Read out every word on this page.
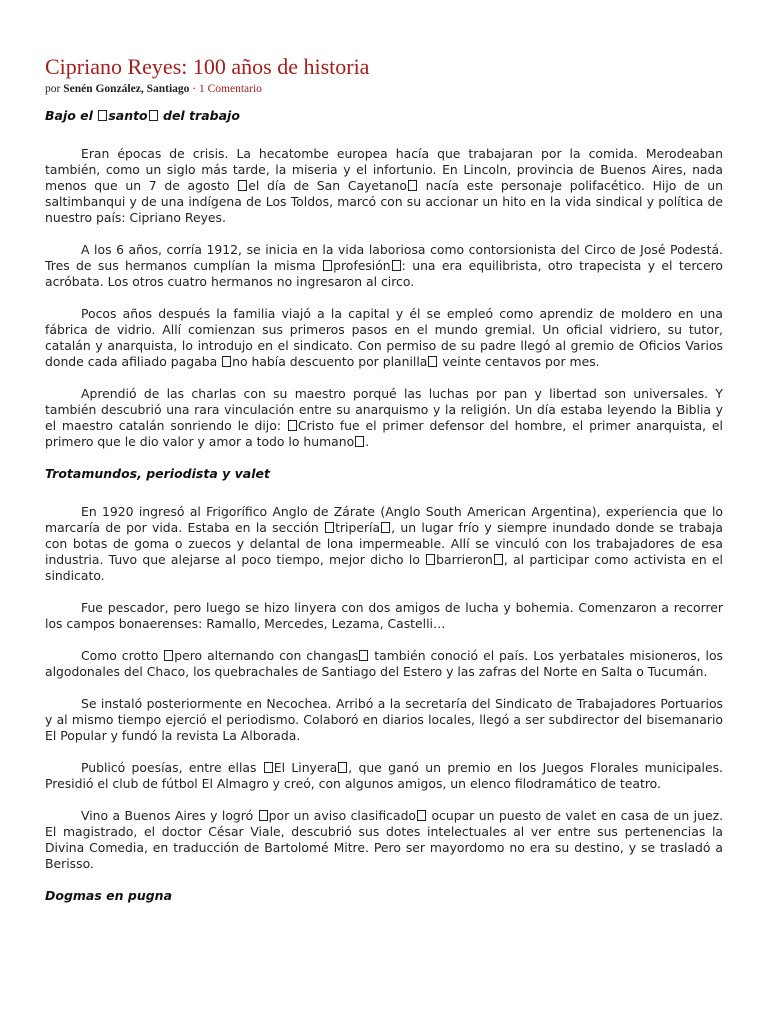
Cipriano Reyes: 100 años de historia
por Senén González, Santiago · 1 Comentario
Bajo el santo del trabajo

Eran épocas de crisis. La hecatombe europea hacía que trabajaran por la comida. Merodeaban también, como un siglo más tarde, la miseria y el infortunio. En Lincoln, provincia de Buenos Aires, nada menos que un 7 de agosto el día de San Cayetano nacía este personaje polifacético. Hijo de un saltimbanqui y de una indígena de Los Toldos, marcó con su accionar un hito en la vida sindical y política de nuestro país: Cipriano Reyes.

A los 6 años, corría 1912, se inicia en la vida laboriosa como contorsionista del Circo de José Podestá. Tres de sus hermanos cumplían la misma profesión : una era equilibrista, otro trapecista y el tercero acróbata. Los otros cuatro hermanos no ingresaron al circo.

Pocos años después la familia viajó a la capital y él se empleó como aprendiz de moldero en una fábrica de vidrio. Allí comienzan sus primeros pasos en el mundo gremial. Un oficial vidriero, su tutor, catalán y anarquista, lo introdujo en el sindicato. Con permiso de su padre llegó al gremio de Oficios Varios donde cada afiliado pagaba no había descuento por planilla veinte centavos por mes.

Aprendió de las charlas con su maestro porqué las luchas por pan y libertad son universales. Y también descubrió una rara vinculación entre su anarquismo y la religión. Un día estaba leyendo la Biblia y el maestro catalán sonriendo le dijo: Cristo fue el primer defensor del hombre, el primer anarquista, el primero que le dio valor y amor a todo lo humano .

Trotamundos, periodista y valet

En 1920 ingresó al Frigorífico Anglo de Zárate (Anglo South American Argentina), experiencia que lo marcaría de por vida. Estaba en la sección tripería , un lugar frío y siempre inundado donde se trabaja con botas de goma o zuecos y delantal de lona impermeable. Allí se vinculó con los trabajadores de esa industria. Tuvo que alejarse al poco tiempo, mejor dicho lo barrieron , al participar como activista en el sindicato.

Fue pescador, pero luego se hizo linyera con dos amigos de lucha y bohemia. Comenzaron a recorrer los campos bonaerenses: Ramallo, Mercedes, Lezama, Castelli…

Como crotto pero alternando con changas también conoció el país. Los yerbatales misioneros, los algodonales del Chaco, los quebrachales de Santiago del Estero y las zafras del Norte en Salta o Tucumán.

Se instaló posteriormente en Necochea. Arribó a la secretaría del Sindicato de Trabajadores Portuarios y al mismo tiempo ejerció el periodismo. Colaboró en diarios locales, llegó a ser subdirector del bisemanario El Popular y fundó la revista La Alborada.

Publicó poesías, entre ellas El Linyera , que ganó un premio en los Juegos Florales municipales. Presidió el club de fútbol El Almagro y creó, con algunos amigos, un elenco filodramático de teatro.

Vino a Buenos Aires y logró por un aviso clasificado ocupar un puesto de valet en casa de un juez. El magistrado, el doctor César Viale, descubrió sus dotes intelectuales al ver entre sus pertenencias la Divina Comedia, en traducción de Bartolomé Mitre. Pero ser mayordomo no era su destino, y se trasladó a Berisso.

Dogmas en pugna
